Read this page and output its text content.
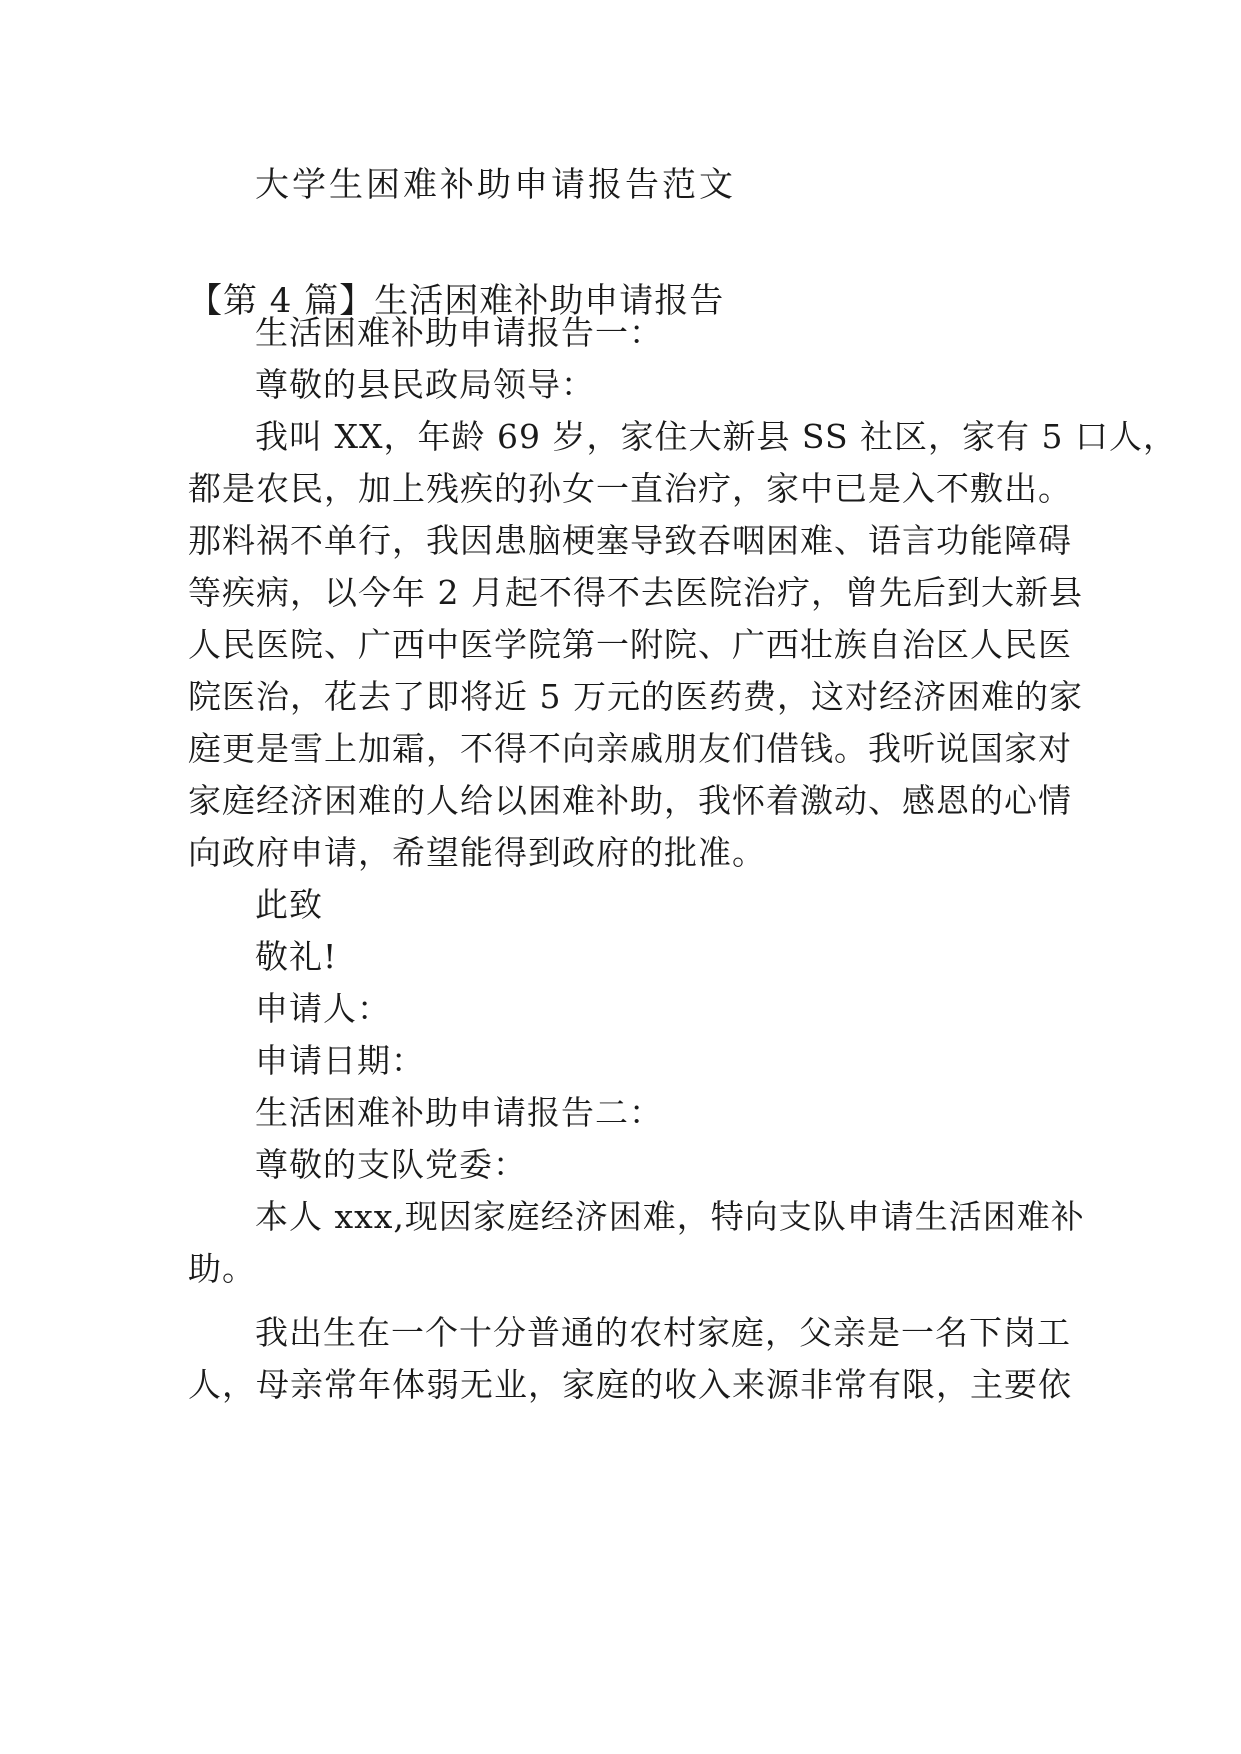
大学生困难补助申请报告范文
【第 4 篇】生活困难补助申请报告
生活困难补助申请报告一：
尊敬的县民政局领导：
我叫 XX，年龄 69 岁，家住大新县 SS 社区，家有 5 口人，
都是农民，加上残疾的孙女一直治疗，家中已是入不敷出。
那料祸不单行，我因患脑梗塞导致吞咽困难、语言功能障碍
等疾病，以今年 2 月起不得不去医院治疗，曾先后到大新县
人民医院、广西中医学院第一附院、广西壮族自治区人民医
院医治，花去了即将近 5 万元的医药费，这对经济困难的家
庭更是雪上加霜，不得不向亲戚朋友们借钱。我听说国家对
家庭经济困难的人给以困难补助，我怀着激动、感恩的心情
向政府申请，希望能得到政府的批准。
此致
敬礼!
申请人：
申请日期：
生活困难补助申请报告二：
尊敬的支队党委：
本人 xxx,现因家庭经济困难，特向支队申请生活困难补
助。
我出生在一个十分普通的农村家庭，父亲是一名下岗工
人，母亲常年体弱无业，家庭的收入来源非常有限，主要依
